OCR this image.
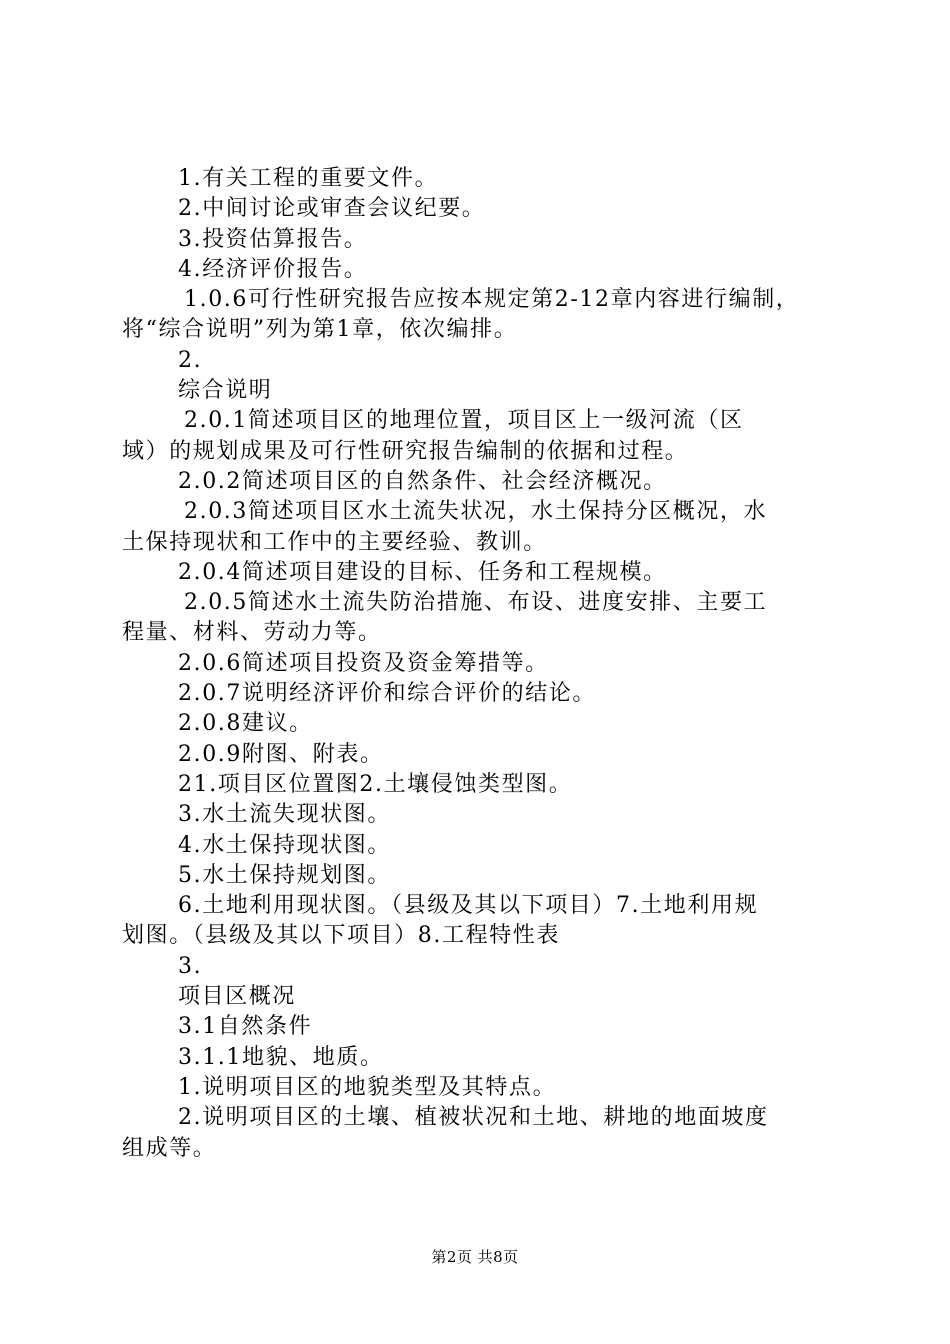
1.有关工程的重要文件。
2.中间讨论或审查会议纪要。
3.投资估算报告。
4.经济评价报告。
1.0.6可行性研究报告应按本规定第2-12章内容进行编制，
将“综合说明”列为第1章，依次编排。
2.
综合说明
2.0.1简述项目区的地理位置，项目区上一级河流（区
域）的规划成果及可行性研究报告编制的依据和过程。
2.0.2简述项目区的自然条件、社会经济概况。
2.0.3简述项目区水土流失状况，水土保持分区概况，水
土保持现状和工作中的主要经验、教训。
2.0.4简述项目建设的目标、任务和工程规模。
2.0.5简述水土流失防治措施、布设、进度安排、主要工
程量、材料、劳动力等。
2.0.6简述项目投资及资金筹措等。
2.0.7说明经济评价和综合评价的结论。
2.0.8建议。
2.0.9附图、附表。
21.项目区位置图2.土壤侵蚀类型图。
3.水土流失现状图。
4.水土保持现状图。
5.水土保持规划图。
6.土地利用现状图。（县级及其以下项目）7.土地利用规
划图。（县级及其以下项目）8.工程特性表
3.
项目区概况
3.1自然条件
3.1.1地貌、地质。
1.说明项目区的地貌类型及其特点。
2.说明项目区的土壤、植被状况和土地、耕地的地面坡度
组成等。
第2页 共8页
